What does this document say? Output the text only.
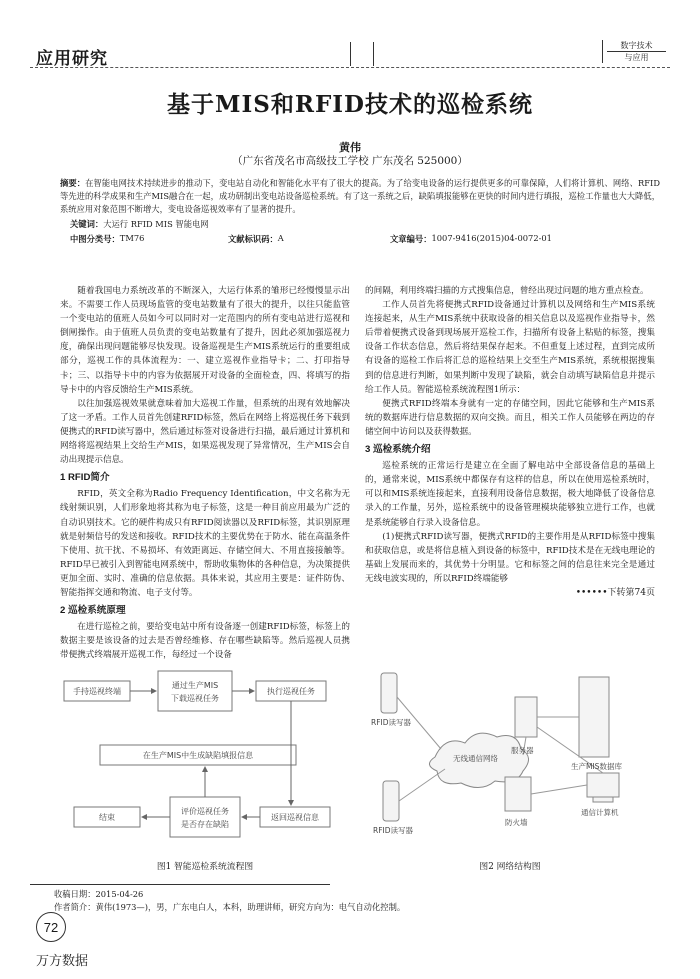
应用研究
数字技术
与应用
基于MIS和RFID技术的巡检系统
黄伟
（广东省茂名市高级技工学校 广东茂名 525000）
摘要：在智能电网技术持续进步的推动下，变电站自动化和智能化水平有了很大的提高。为了给变电设备的运行提供更多的可靠保障，人们将计算机、网络、RFID等先进的科学成果和生产MIS融合在一起，成功研制出变电站设备巡检系统。有了这一系统之后，缺陷填报能够在更快的时间内进行填报，巡检工作量也大大降低，系统应用对象范围不断增大，变电设备巡视效率有了显著的提升。
关键词：大运行 RFID MIS 智能电网
中图分类号： TM76	文献标识码： A	文章编号： 1007-9416(2015)04-0072-01

随着我国电力系统改革的不断深入，大运行体系的雏形已经慢慢显示出来。不需要工作人员现场监管的变电站数量有了很大的提升，以往只能监管一个变电站的值班人员如今可以同时对一定范围内的所有变电站进行巡视和倒闸操作。由于值班人员负责的变电站数量有了提升，因此必须加强巡视力度，确保出现问题能够尽快发现。设备巡视是生产MIS系统运行的重要组成部分，巡视工作的具体流程为：一、建立巡视作业指导卡；二、打印指导卡；三、以指导卡中的内容为依据展开对设备的全面检查，四、将填写的指导卡中的内容反馈给生产MIS系统。

以往加强巡视效果就意味着加大巡视工作量，但系统的出现有效地解决了这一矛盾。工作人员首先创建RFID标签，然后在网络上将巡视任务下载到便携式的RFID读写器中，然后通过标签对设备进行扫描，最后通过计算机和网络将巡视结果上交给生产MIS，如果巡视发现了异常情况，生产MIS会自动出现提示信息。

1 RFID简介

RFID，英文全称为Radio Frequency Identification，中文名称为无线射频识别，人们形象地将其称为电子标签，这是一种目前应用最为广泛的自动识别技术。它的硬件构成只有RFID阅读器以及RFID标签，其识别原理就是射频信号的发送和接收。RFID技术的主要优势在于防水、能在高温条件下使用、抗干扰、不易损坏、有效距离远、存储空间大、不用直接接触等。RFID早已被引入到智能电网系统中，帮助收集物体的各种信息，为决策提供更加全面、实时、准确的信息依据。具体来说，其应用主要是：证件防伪、智能指挥交通和物流、电子支付等。

2 巡检系统原理

在进行巡检之前，要给变电站中所有设备逐一创建RFID标签，标签上的数据主要是该设备的过去是否曾经维修、存在哪些缺陷等。然后巡视人员携带便携式终端展开巡视工作，每经过一个设备

的间隔，利用终端扫描的方式搜集信息，曾经出现过问题的地方重点检查。

工作人员首先将便携式RFID设备通过计算机以及网络和生产MIS系统连接起来，从生产MIS系统中获取设备的相关信息以及巡视作业指导卡，然后带着便携式设备到现场展开巡检工作，扫描所有设备上粘贴的标签，搜集设备工作状态信息，然后将结果保存起来。不但重复上述过程，直到完成所有设备的巡检工作后将汇总的巡检结果上交至生产MIS系统，系统根据搜集到的信息进行判断，如果判断中发现了缺陷，就会自动填写缺陷信息并提示给工作人员。智能巡检系统流程图1所示：

便携式RFID终端本身就有一定的存储空间，因此它能够和生产MIS系统的数据库进行信息数据的双向交换。而且，相关工作人员能够在两边的存储空间中访问以及获得数据。

3 巡检系统介绍

巡检系统的正常运行是建立在全面了解电站中全部设备信息的基础上的，通常来说，MIS系统中都保存有这样的信息，所以在使用巡检系统时，可以和MIS系统连接起来，直接利用设备信息数据，极大地降低了设备信息录入的工作量，另外，巡检系统中的设备管理模块能够独立进行工作，也就是系统能够自行录入设备信息。

(1)便携式RFID读写器，便携式RFID的主要作用是从RFID标签中搜集和获取信息，或是将信息植入到设备的标签中，RFID技术是在无线电理论的基础上发展而来的，其优势十分明显。它和标签之间的信息往来完全是通过无线电波实现的，所以RFID终端能够

••••••下转第74页
手持巡视终端
通过生产MIS
下载巡视任务
执行巡视任务
在生产MIS中生成缺陷填报信息
结束
评价巡视任务
是否存在缺陷
返回巡视信息
图1 智能巡检系统流程图
RFID读写器
RFID读写器
无线通信网络
服务器
防火墙
生产MIS数据库
通信计算机
图2 网络结构图
收稿日期：2015-04-26
作者简介：黄伟(1973—)，男，广东电白人，本科，助理讲师，研究方向为：电气自动化控制。
72
万方数据
